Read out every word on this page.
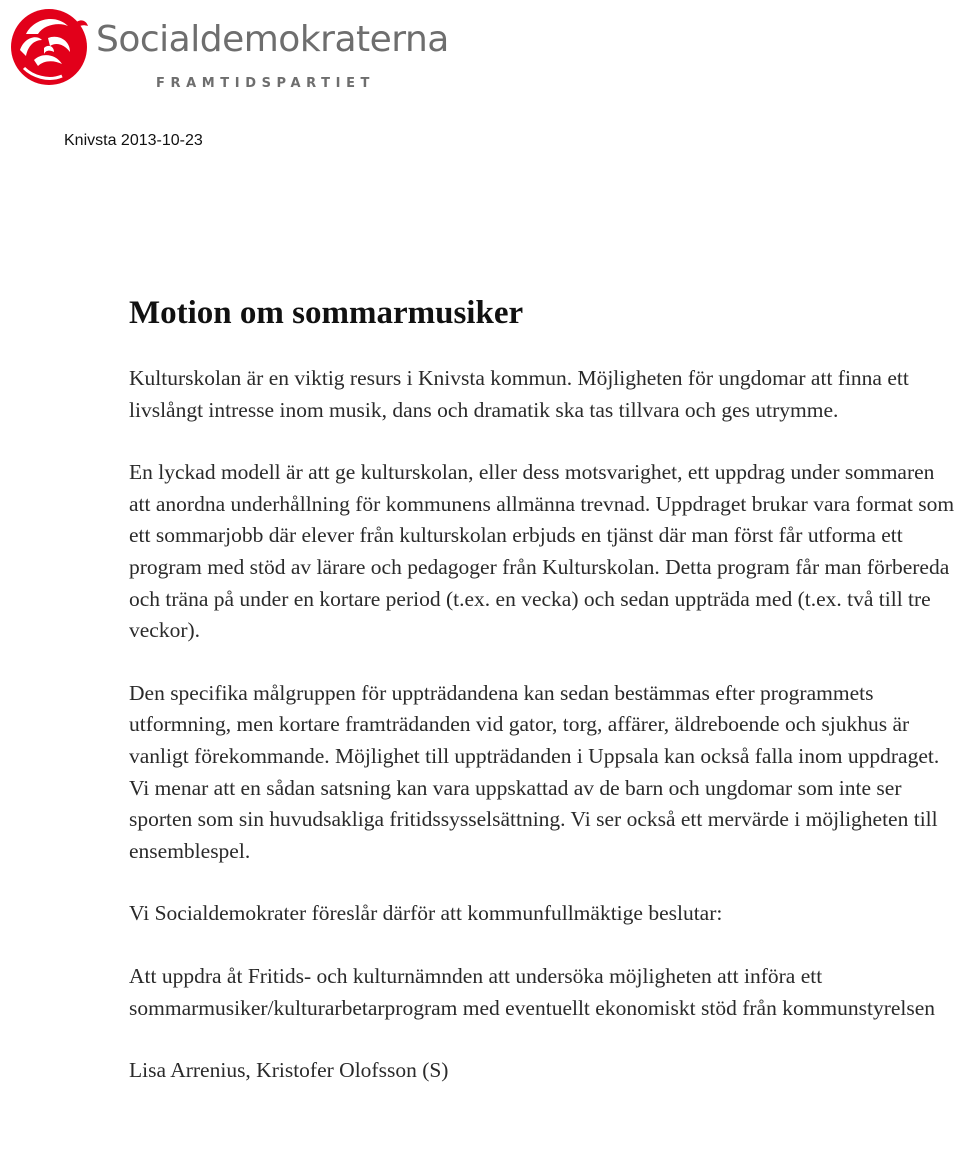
Socialdemokraterna
FRAMTIDSPARTIET
Knivsta 2013-10-23
Motion om sommarmusiker

Kulturskolan är en viktig resurs i Knivsta kommun. Möjligheten för ungdomar att finna ett livslångt intresse inom musik, dans och dramatik ska tas tillvara och ges utrymme.

En lyckad modell är att ge kulturskolan, eller dess motsvarighet, ett uppdrag under sommaren att anordna underhållning för kommunens allmänna trevnad. Uppdraget brukar vara format som ett sommarjobb där elever från kulturskolan erbjuds en tjänst där man först får utforma ett program med stöd av lärare och pedagoger från Kulturskolan. Detta program får man förbereda och träna på under en kortare period (t.ex. en vecka) och sedan uppträda med (t.ex. två till tre veckor).

Den specifika målgruppen för uppträdandena kan sedan bestämmas efter programmets utformning, men kortare framträdanden vid gator, torg, affärer, äldreboende och sjukhus är vanligt förekommande. Möjlighet till uppträdanden i Uppsala kan också falla inom uppdraget. Vi menar att en sådan satsning kan vara uppskattad av de barn och ungdomar som inte ser sporten som sin huvudsakliga fritidssysselsättning. Vi ser också ett mervärde i möjligheten till ensemblespel.

Vi Socialdemokrater föreslår därför att kommunfullmäktige beslutar:

Att uppdra åt Fritids- och kulturnämnden att undersöka möjligheten att införa ett sommarmusiker/kulturarbetarprogram med eventuellt ekonomiskt stöd från kommunstyrelsen

Lisa Arrenius, Kristofer Olofsson (S)
